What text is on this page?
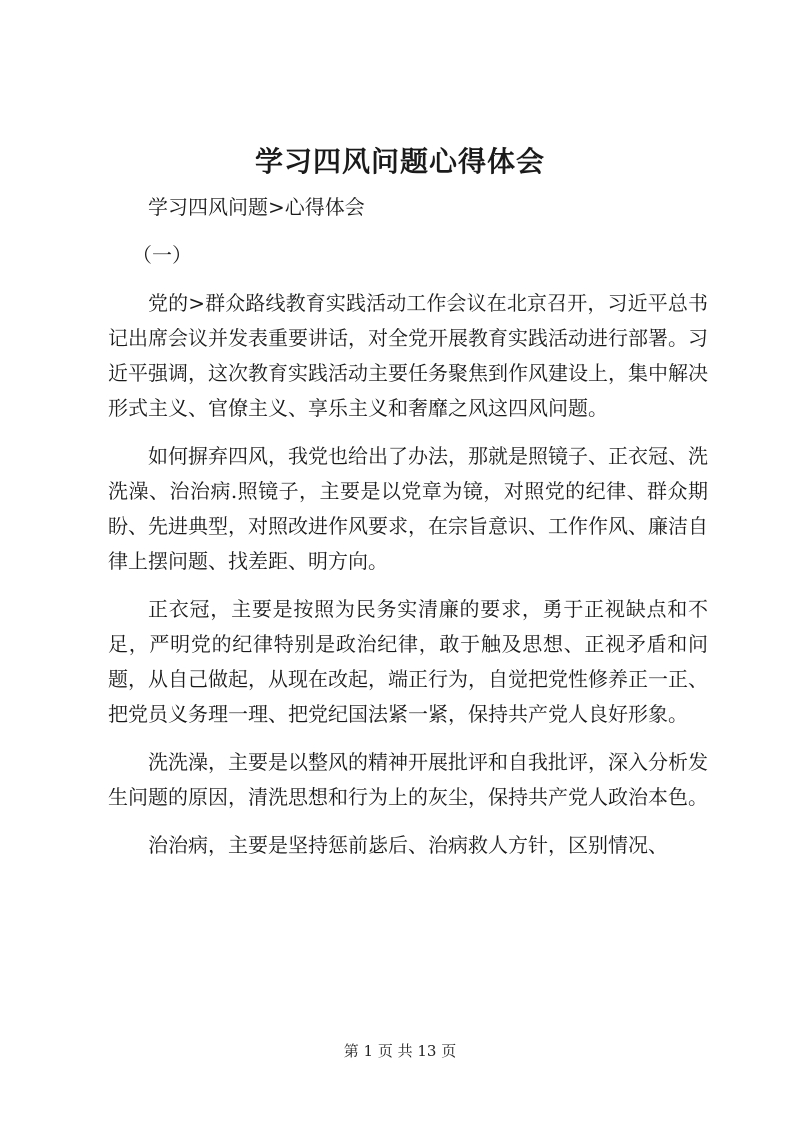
学习四风问题心得体会

学习四风问题>心得体会

（一）

党的>群众路线教育实践活动工作会议在北京召开，习近平总书记出席会议并发表重要讲话，对全党开展教育实践活动进行部署。习近平强调，这次教育实践活动主要任务聚焦到作风建设上，集中解决形式主义、官僚主义、享乐主义和奢靡之风这四风问题。

如何摒弃四风，我党也给出了办法，那就是照镜子、正衣冠、洗洗澡、治治病.照镜子，主要是以党章为镜，对照党的纪律、群众期盼、先进典型，对照改进作风要求，在宗旨意识、工作作风、廉洁自律上摆问题、找差距、明方向。

正衣冠，主要是按照为民务实清廉的要求，勇于正视缺点和不足，严明党的纪律特别是政治纪律，敢于触及思想、正视矛盾和问题，从自己做起，从现在改起，端正行为，自觉把党性修养正一正、把党员义务理一理、把党纪国法紧一紧，保持共产党人良好形象。

洗洗澡，主要是以整风的精神开展批评和自我批评，深入分析发生问题的原因，清洗思想和行为上的灰尘，保持共产党人政治本色。

治治病，主要是坚持惩前毖后、治病救人方针，区别情况、

第 1 页 共 13 页
